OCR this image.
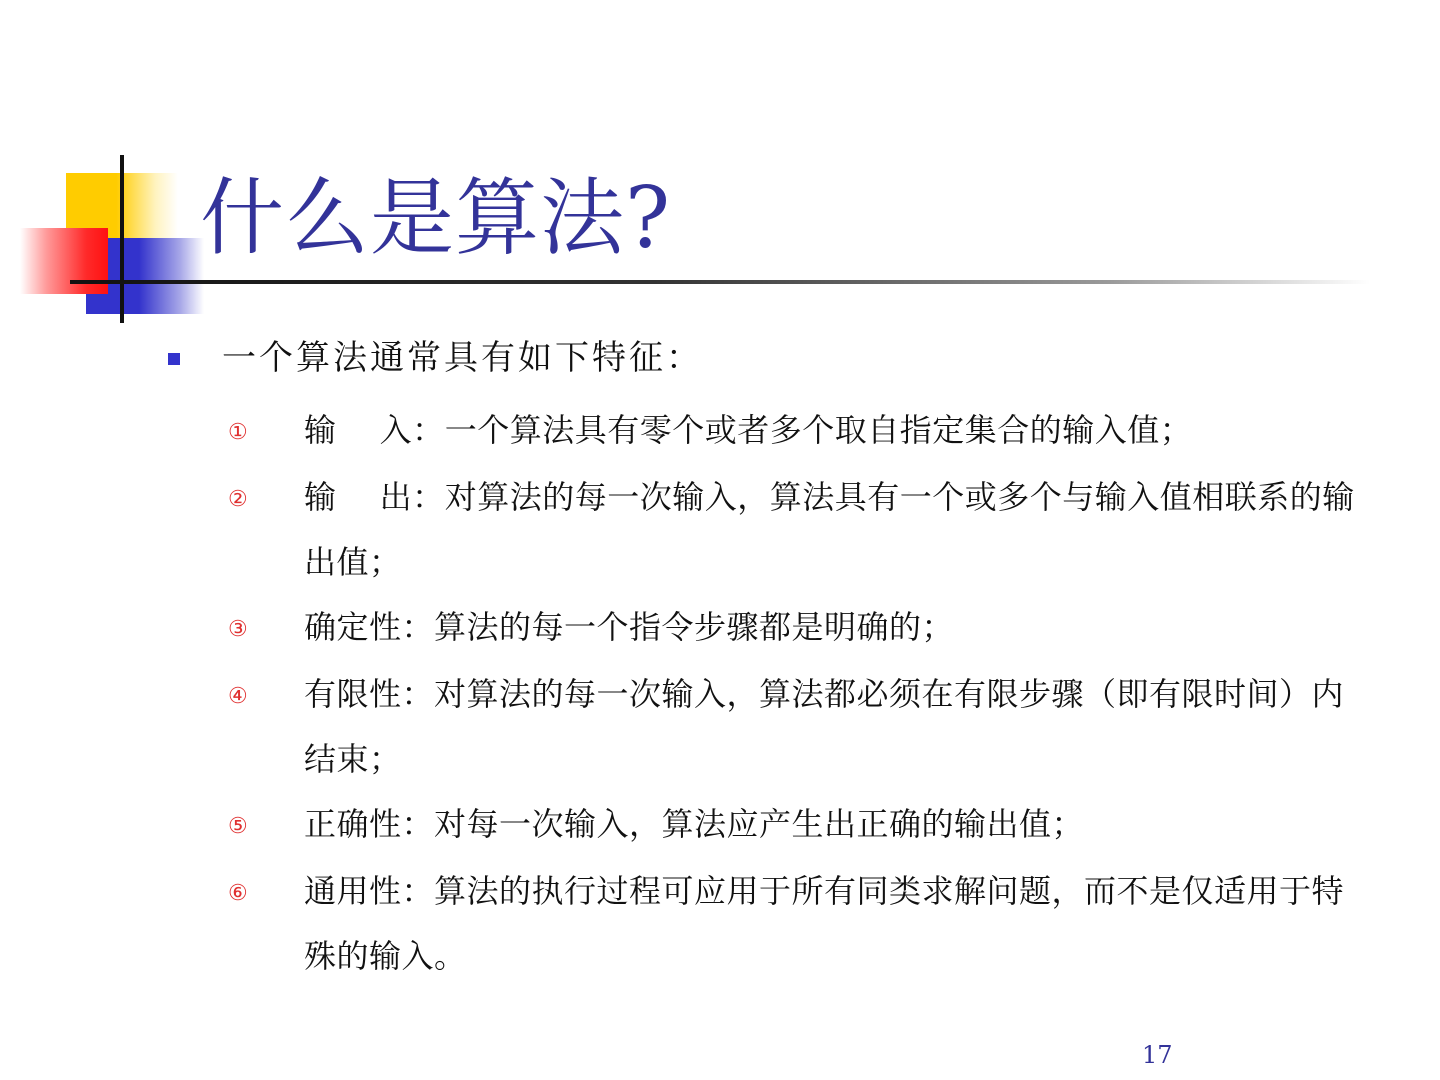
什么是算法?
一个算法通常具有如下特征：
①	输　 入：一个算法具有零个或者多个取自指定集合的输入值；
②	输　 出：对算法的每一次输入，算法具有一个或多个与输入值相联系的输出值；
③	确定性：算法的每一个指令步骤都是明确的；
④	有限性：对算法的每一次输入，算法都必须在有限步骤（即有限时间）内结束；
⑤	正确性：对每一次输入，算法应产生出正确的输出值；
⑥	通用性：算法的执行过程可应用于所有同类求解问题，而不是仅适用于特殊的输入。
17
